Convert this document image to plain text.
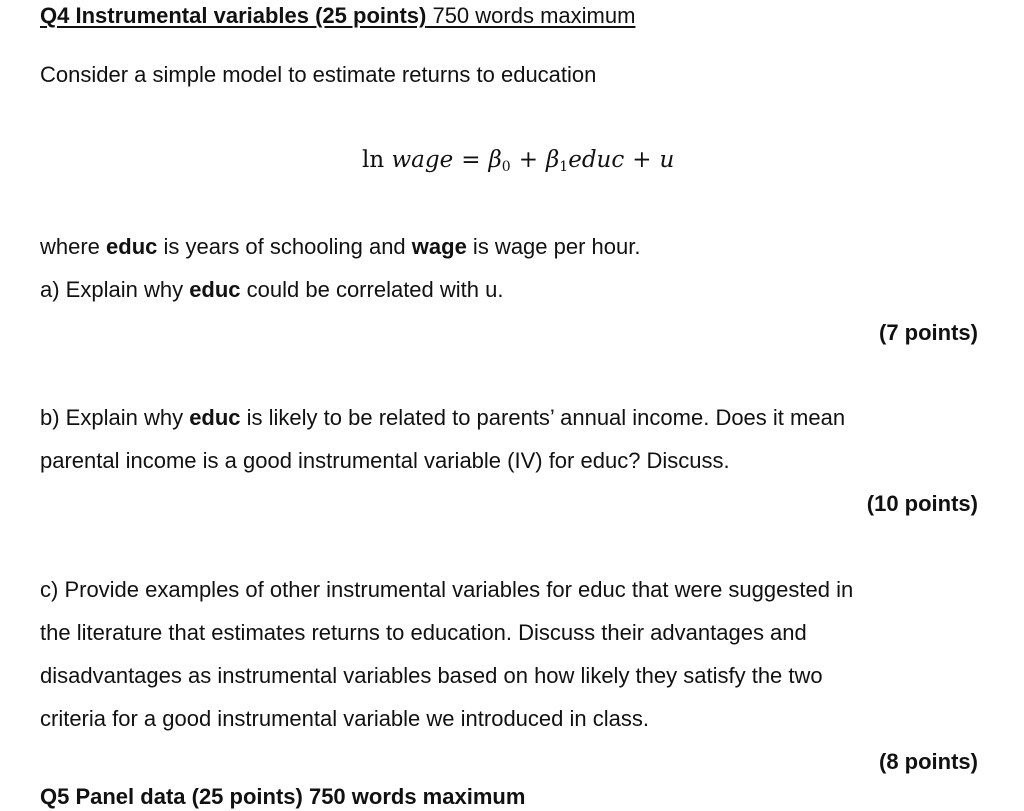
Q4 Instrumental variables (25 points) 750 words maximum
Consider a simple model to estimate returns to education
ln wage = $\beta_0$ + $\beta_1educ + u$
where educ is years of schooling and wage is wage per hour.
a) Explain why educ could be correlated with u.
(7 points)
b) Explain why educ is likely to be related to parents’ annual income. Does it mean
parental income is a good instrumental variable (IV) for educ? Discuss.
(10 points)
c) Provide examples of other instrumental variables for educ that were suggested in
the literature that estimates returns to education. Discuss their advantages and
disadvantages as instrumental variables based on how likely they satisfy the two
criteria for a good instrumental variable we introduced in class.
(8 points)
Q5 Panel data (25 points) 750 words maximum
